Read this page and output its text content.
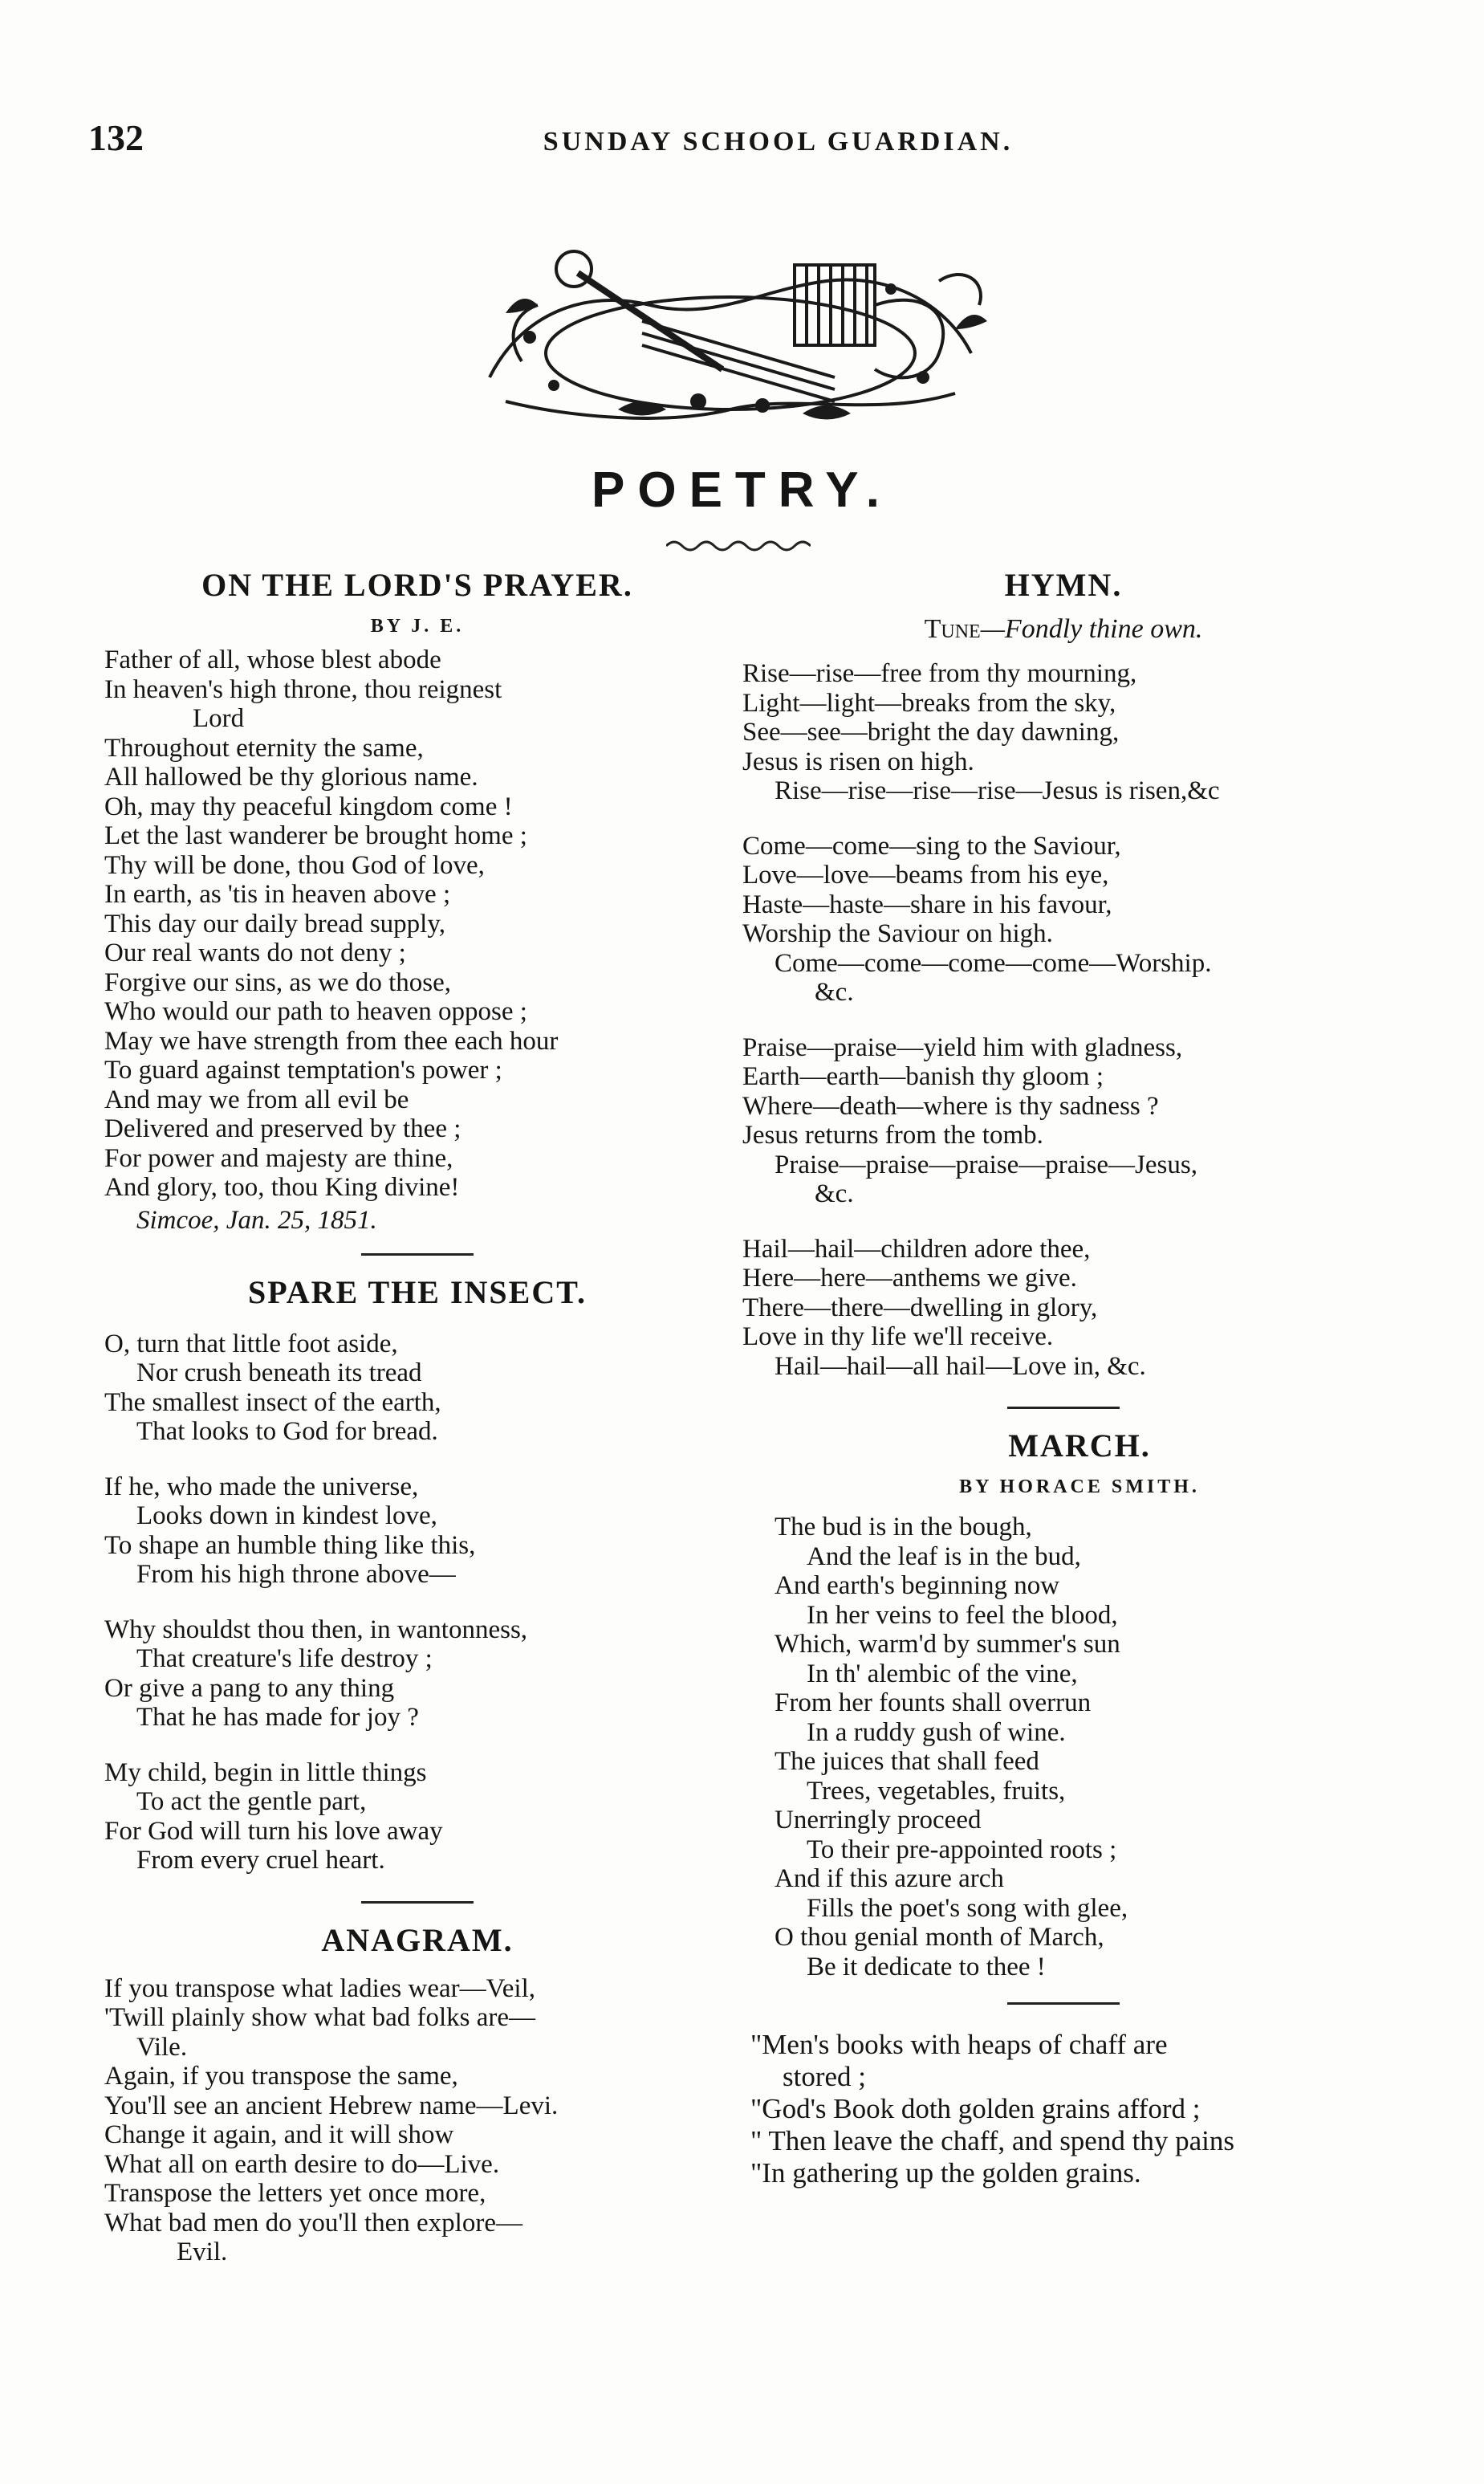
132	SUNDAY SCHOOL GUARDIAN.
POETRY.
ON THE LORD'S PRAYER.
BY J. E.
Father of all, whose blest abode
In heaven's high throne, thou reignest
Lord
Throughout eternity the same,
All hallowed be thy glorious name.
Oh, may thy peaceful kingdom come !
Let the last wanderer be brought home ;
Thy will be done, thou God of love,
In earth, as 'tis in heaven above ;
This day our daily bread supply,
Our real wants do not deny ;
Forgive our sins, as we do those,
Who would our path to heaven oppose ;
May we have strength from thee each hour
To guard against temptation's power ;
And may we from all evil be
Delivered and preserved by thee ;
For power and majesty are thine,
And glory, too, thou King divine!
Simcoe, Jan. 25, 1851.
SPARE THE INSECT.
O, turn that little foot aside,
Nor crush beneath its tread
The smallest insect of the earth,
That looks to God for bread.
If he, who made the universe,
Looks down in kindest love,
To shape an humble thing like this,
From his high throne above—
Why shouldst thou then, in wantonness,
That creature's life destroy ;
Or give a pang to any thing
That he has made for joy ?
My child, begin in little things
To act the gentle part,
For God will turn his love away
From every cruel heart.
ANAGRAM.
If you transpose what ladies wear—Veil,
'Twill plainly show what bad folks are—
Vile.
Again, if you transpose the same,
You'll see an ancient Hebrew name—Levi.
Change it again, and it will show
What all on earth desire to do—Live.
Transpose the letters yet once more,
What bad men do you'll then explore—
Evil.
HYMN.
Tune—Fondly thine own.
Rise—rise—free from thy mourning,
Light—light—breaks from the sky,
See—see—bright the day dawning,
Jesus is risen on high.
Rise—rise—rise—rise—Jesus is risen,&c
Come—come—sing to the Saviour,
Love—love—beams from his eye,
Haste—haste—share in his favour,
Worship the Saviour on high.
Come—come—come—come—Worship.
&c.
Praise—praise—yield him with gladness,
Earth—earth—banish thy gloom ;
Where—death—where is thy sadness ?
Jesus returns from the tomb.
Praise—praise—praise—praise—Jesus,
&c.
Hail—hail—children adore thee,
Here—here—anthems we give.
There—there—dwelling in glory,
Love in thy life we'll receive.
Hail—hail—all hail—Love in, &c.
MARCH.
BY HORACE SMITH.
The bud is in the bough,
And the leaf is in the bud,
And earth's beginning now
In her veins to feel the blood,
Which, warm'd by summer's sun
In th' alembic of the vine,
From her founts shall overrun
In a ruddy gush of wine.
The juices that shall feed
Trees, vegetables, fruits,
Unerringly proceed
To their pre-appointed roots ;
And if this azure arch
Fills the poet's song with glee,
O thou genial month of March,
Be it dedicate to thee !
"Men's books with heaps of chaff are
stored ;
"God's Book doth golden grains afford ;
" Then leave the chaff, and spend thy pains
"In gathering up the golden grains.
